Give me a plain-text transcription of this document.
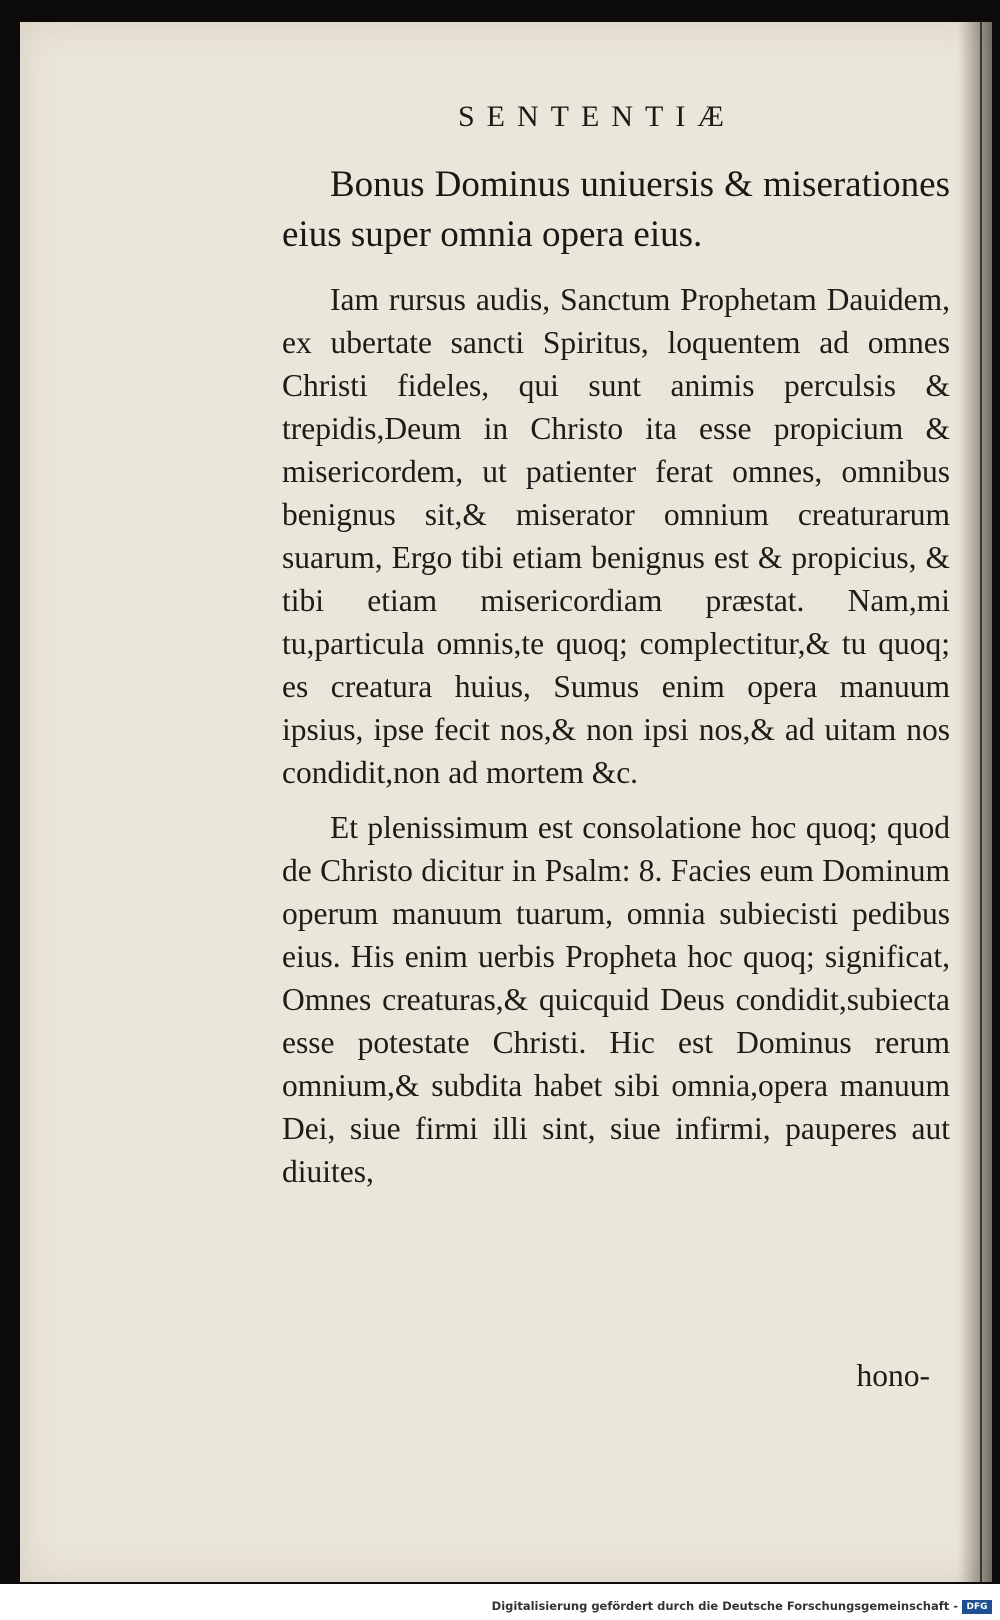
SENTENTIÆ

Bonus Dominus uniuersis & miserationes eius super omnia opera eius.

Iam rursus audis, Sanctum Prophetam Dauidem, ex ubertate sancti Spiritus, loquentem ad omnes Christi fideles, qui sunt animis perculsis & trepidis,Deum in Christo ita esse propicium & misericordem, ut patienter ferat omnes, omnibus benignus sit,& miserator omnium creaturarum suarum, Ergo tibi etiam benignus est & propicius, & tibi etiam misericordiam præstat. Nam,mi tu,particula omnis,te quoq; complectitur,& tu quoq; es creatura huius, Sumus enim opera manuum ipsius, ipse fecit nos,& non ipsi nos,& ad uitam nos condidit,non ad mortem &c.

Et plenissimum est consolatione hoc quoq; quod de Christo dicitur in Psalm: 8. Facies eum Dominum operum manuum tuarum, omnia subiecisti pedibus eius. His enim uerbis Propheta hoc quoq; significat, Omnes creaturas,& quicquid Deus condidit,subiecta esse potestate Christi. Hic est Dominus rerum omnium,& subdita habet sibi omnia,opera manuum Dei, siue firmi illi sint, siue infirmi, pauperes aut diuites,

hono-
Digitalisierung gefördert durch die Deutsche Forschungsgemeinschaft - DFG
